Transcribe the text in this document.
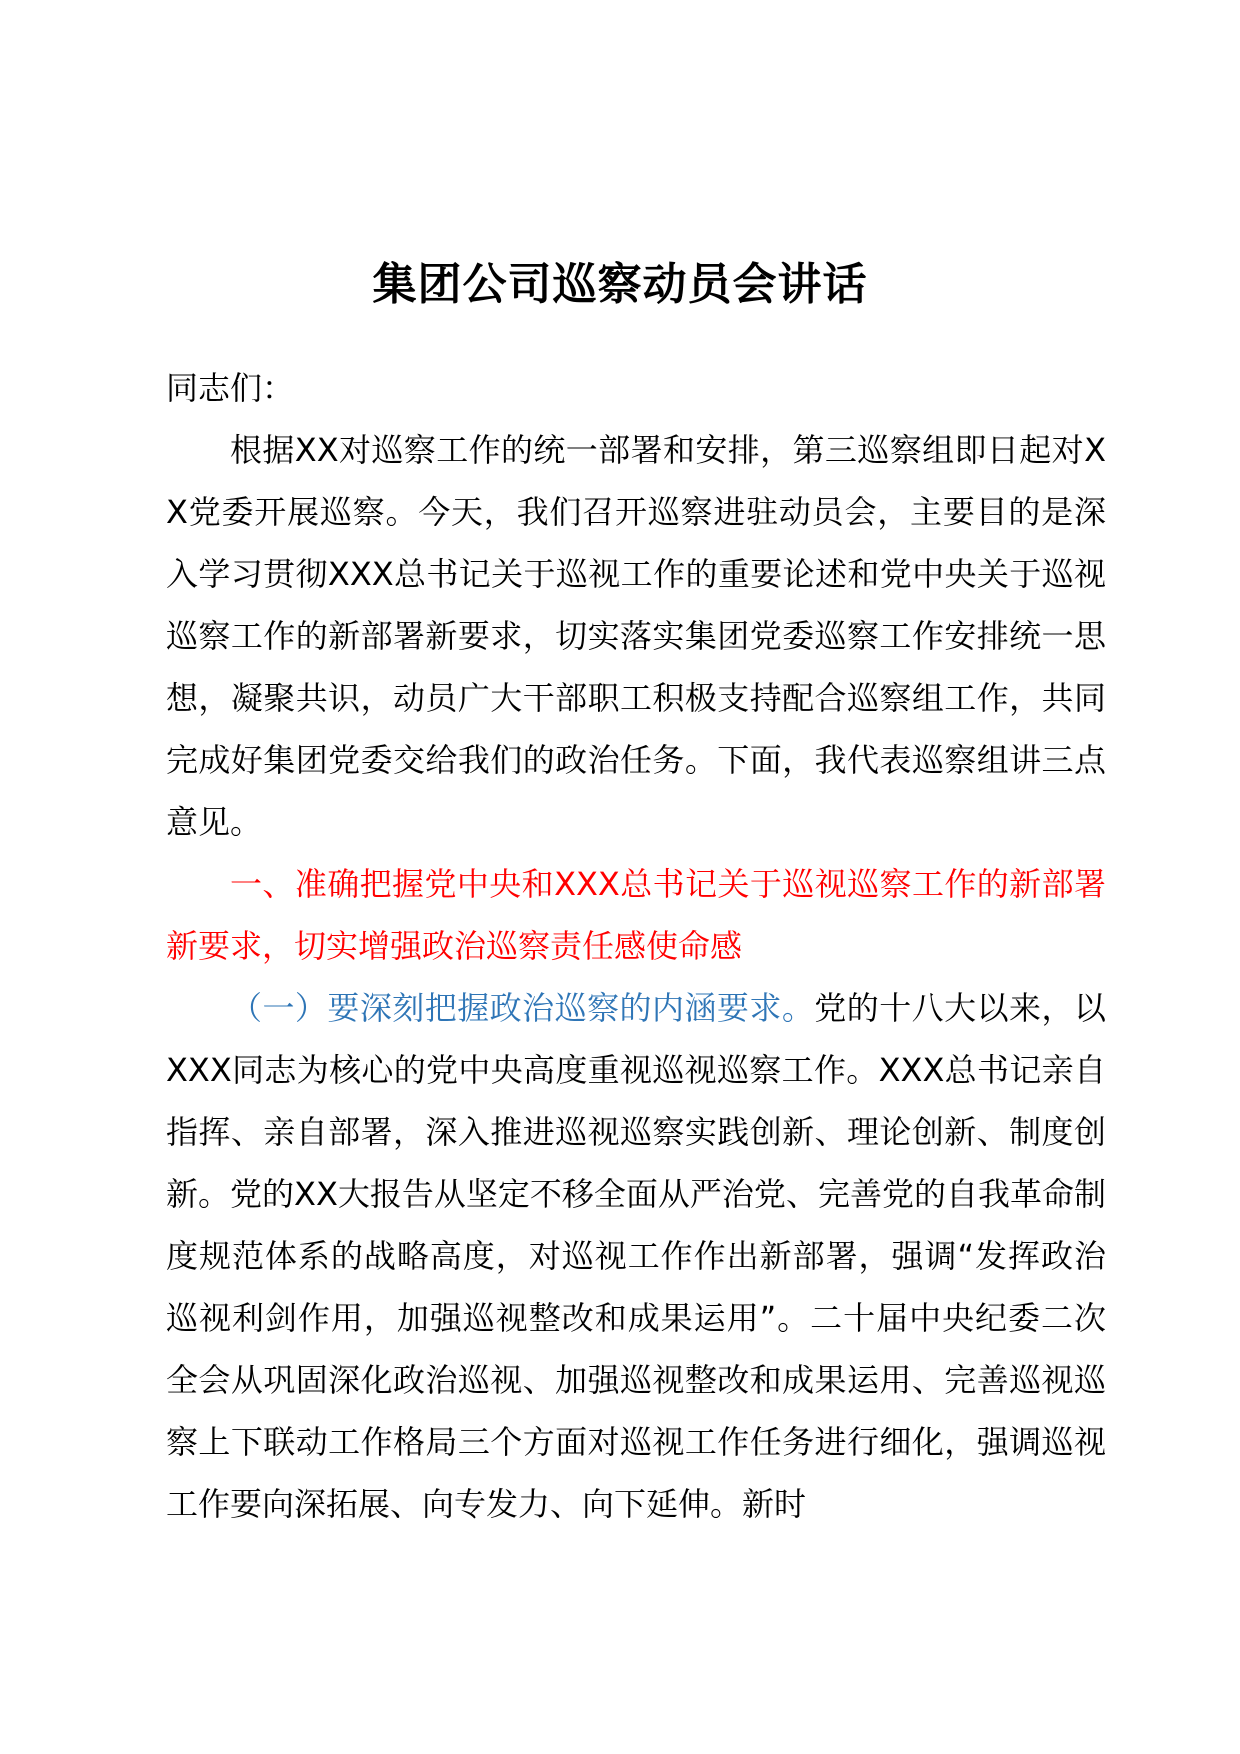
集团公司巡察动员会讲话

同志们：

根据XX对巡察工作的统一部署和安排，第三巡察组即日起对XX党委开展巡察。今天，我们召开巡察进驻动员会，主要目的是深入学习贯彻XXX总书记关于巡视工作的重要论述和党中央关于巡视巡察工作的新部署新要求，切实落实集团党委巡察工作安排统一思想，凝聚共识，动员广大干部职工积极支持配合巡察组工作，共同完成好集团党委交给我们的政治任务。下面，我代表巡察组讲三点意见。

一、准确把握党中央和XXX总书记关于巡视巡察工作的新部署新要求，切实增强政治巡察责任感使命感

（一）要深刻把握政治巡察的内涵要求。党的十八大以来，以XXX同志为核心的党中央高度重视巡视巡察工作。XXX总书记亲自指挥、亲自部署，深入推进巡视巡察实践创新、理论创新、制度创新。党的XX大报告从坚定不移全面从严治党、完善党的自我革命制度规范体系的战略高度，对巡视工作作出新部署，强调“发挥政治巡视利剑作用，加强巡视整改和成果运用”。二十届中央纪委二次全会从巩固深化政治巡视、加强巡视整改和成果运用、完善巡视巡察上下联动工作格局三个方面对巡视工作任务进行细化，强调巡视工作要向深拓展、向专发力、向下延伸。新时
